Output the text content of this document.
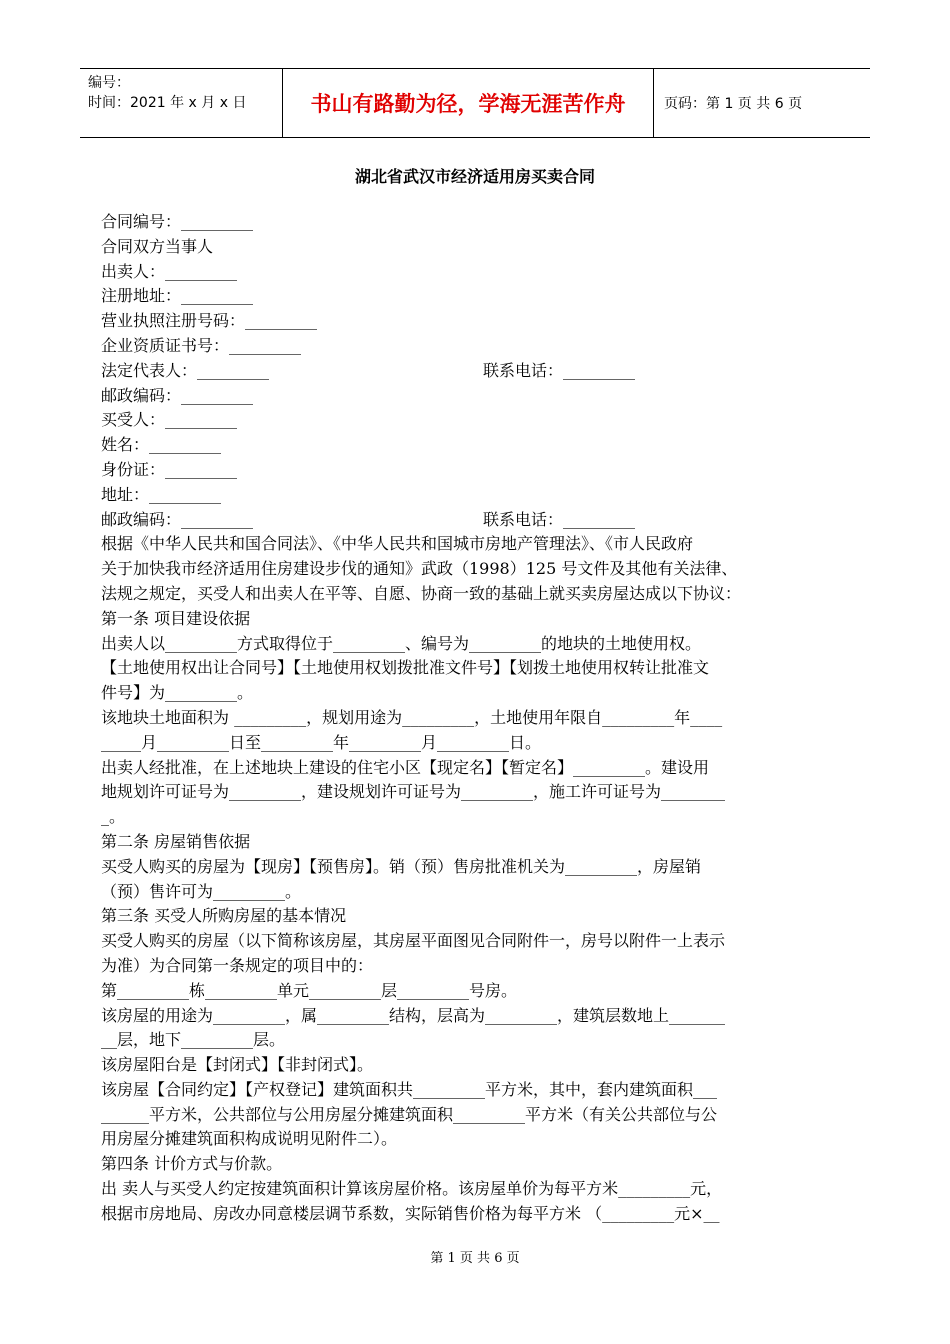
编号：
时间：2021 年 x 月 x 日	书山有路勤为径，学海无涯苦作舟	页码：第 1 页 共 6 页
湖北省武汉市经济适用房买卖合同
合同编号：_________
合同双方当事人
出卖人：_________
注册地址：_________
营业执照注册号码：_________
企业资质证书号：_________
法定代表人：_________	联系电话：_________
邮政编码：_________
买受人：_________
姓名：_________
身份证：_________
地址：_________
邮政编码：_________	联系电话：_________
根据《中华人民共和国合同法》、《中华人民共和国城市房地产管理法》、《市人民政府
关于加快我市经济适用住房建设步伐的通知》武政（1998）125 号文件及其他有关法律、
法规之规定，买受人和出卖人在平等、自愿、协商一致的基础上就买卖房屋达成以下协议：
第一条 项目建设依据
出卖人以_________方式取得位于_________、编号为_________的地块的土地使用权。
【土地使用权出让合同号】【土地使用权划拨批准文件号】【划拨土地使用权转让批准文
件号】为_________。
该地块土地面积为 _________，规划用途为_________，土地使用年限自_________年____
_____月_________日至_________年_________月_________日。
出卖人经批准，在上述地块上建设的住宅小区【现定名】【暂定名】_________。建设用
地规划许可证号为_________，建设规划许可证号为_________，施工许可证号为________
_。
第二条 房屋销售依据
买受人购买的房屋为【现房】【预售房】。销（预）售房批准机关为_________，房屋销
（预）售许可为_________。
第三条 买受人所购房屋的基本情况
买受人购买的房屋（以下简称该房屋，其房屋平面图见合同附件一，房号以附件一上表示
为准）为合同第一条规定的项目中的：
第_________栋_________单元_________层_________号房。
该房屋的用途为_________，属_________结构，层高为_________，建筑层数地上_______
__层，地下_________层。
该房屋阳台是【封闭式】【非封闭式】。
该房屋【合同约定】【产权登记】建筑面积共_________平方米，其中，套内建筑面积___
______平方米，公共部位与公用房屋分摊建筑面积_________平方米（有关公共部位与公
用房屋分摊建筑面积构成说明见附件二）。
第四条 计价方式与价款。
出 卖人与买受人约定按建筑面积计算该房屋价格。该房屋单价为每平方米_________元，
根据市房地局、房改办同意楼层调节系数，实际销售价格为每平方米 （_________元×__
第 1 页 共 6 页
